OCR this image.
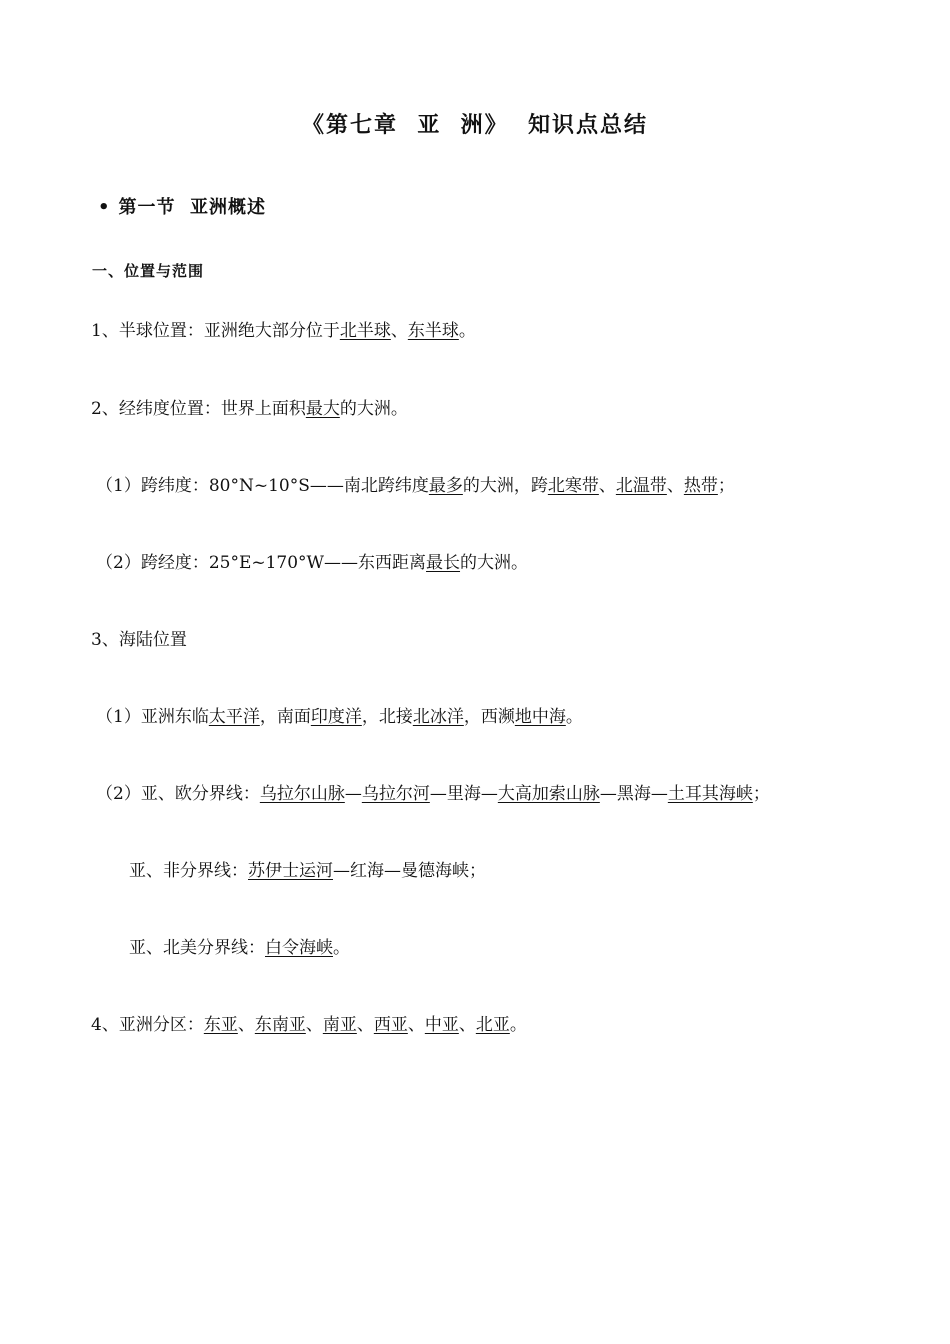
《第七章  亚  洲》  知识点总结
• 第一节  亚洲概述
一、位置与范围
1、半球位置：亚洲绝大部分位于北半球、东半球。
2、经纬度位置：世界上面积最大的大洲。
（1）跨纬度：80°N~10°S——南北跨纬度最多的大洲，跨北寒带、北温带、热带；
（2）跨经度：25°E~170°W——东西距离最长的大洲。
3、海陆位置
（1）亚洲东临太平洋，南面印度洋，北接北冰洋，西濒地中海。
（2）亚、欧分界线：乌拉尔山脉—乌拉尔河—里海—大高加索山脉—黑海—土耳其海峡；
亚、非分界线：苏伊士运河—红海—曼德海峡；
亚、北美分界线：白令海峡。
4、亚洲分区：东亚、东南亚、南亚、西亚、中亚、北亚。
